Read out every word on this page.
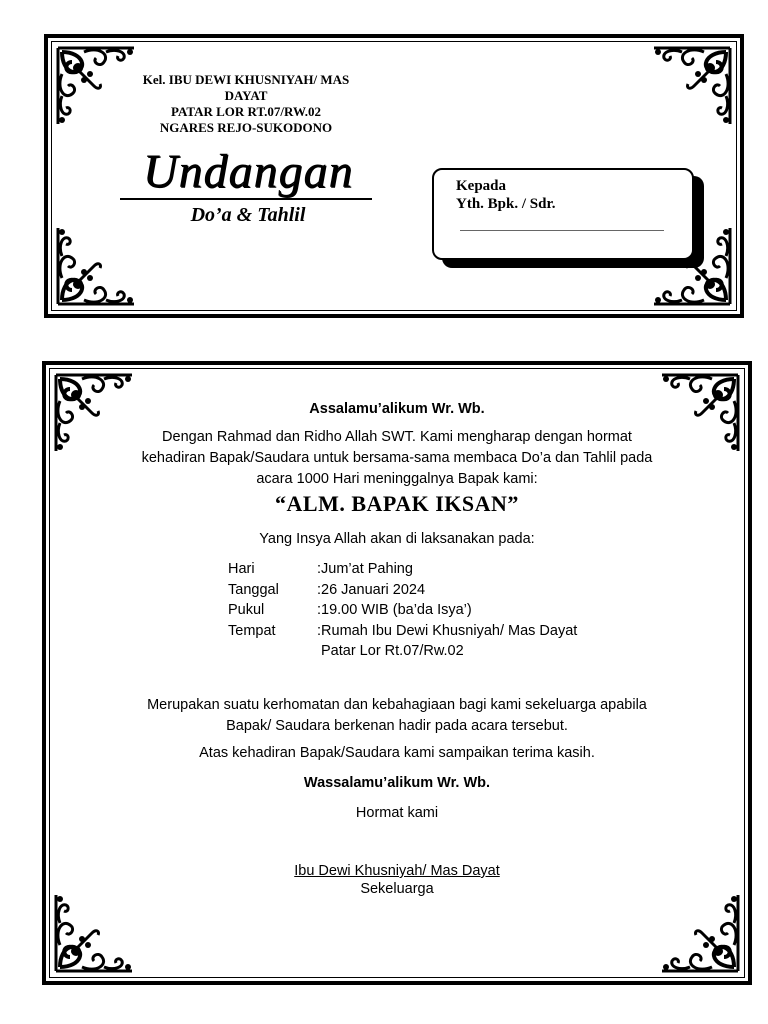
Kel. IBU DEWI KHUSNIYAH/ MAS
DAYAT
PATAR LOR RT.07/RW.02
NGARES REJO-SUKODONO
Undangan
Do’a & Tahlil
Kepada
Yth. Bpk. / Sdr.
Assalamu’alikum Wr. Wb.
Dengan Rahmad dan Ridho Allah SWT. Kami mengharap dengan hormat
kehadiran Bapak/Saudara untuk bersama-sama membaca Do’a dan Tahlil pada
acara 1000 Hari meninggalnya Bapak kami:
“ALM. BAPAK IKSAN”
Yang Insya Allah akan di laksanakan pada:
Hari	:Jum’at Pahing
Tanggal	:26 Januari 2024
Pukul	:19.00 WIB (ba’da Isya’)
Tempat	:Rumah Ibu Dewi Khusniyah/ Mas Dayat
Patar Lor Rt.07/Rw.02
Merupakan suatu kerhomatan dan kebahagiaan bagi kami sekeluarga apabila
Bapak/ Saudara berkenan hadir pada acara tersebut.
Atas kehadiran Bapak/Saudara kami sampaikan terima kasih.
Wassalamu’alikum Wr. Wb.
Hormat kami
Ibu Dewi Khusniyah/ Mas Dayat
Sekeluarga
